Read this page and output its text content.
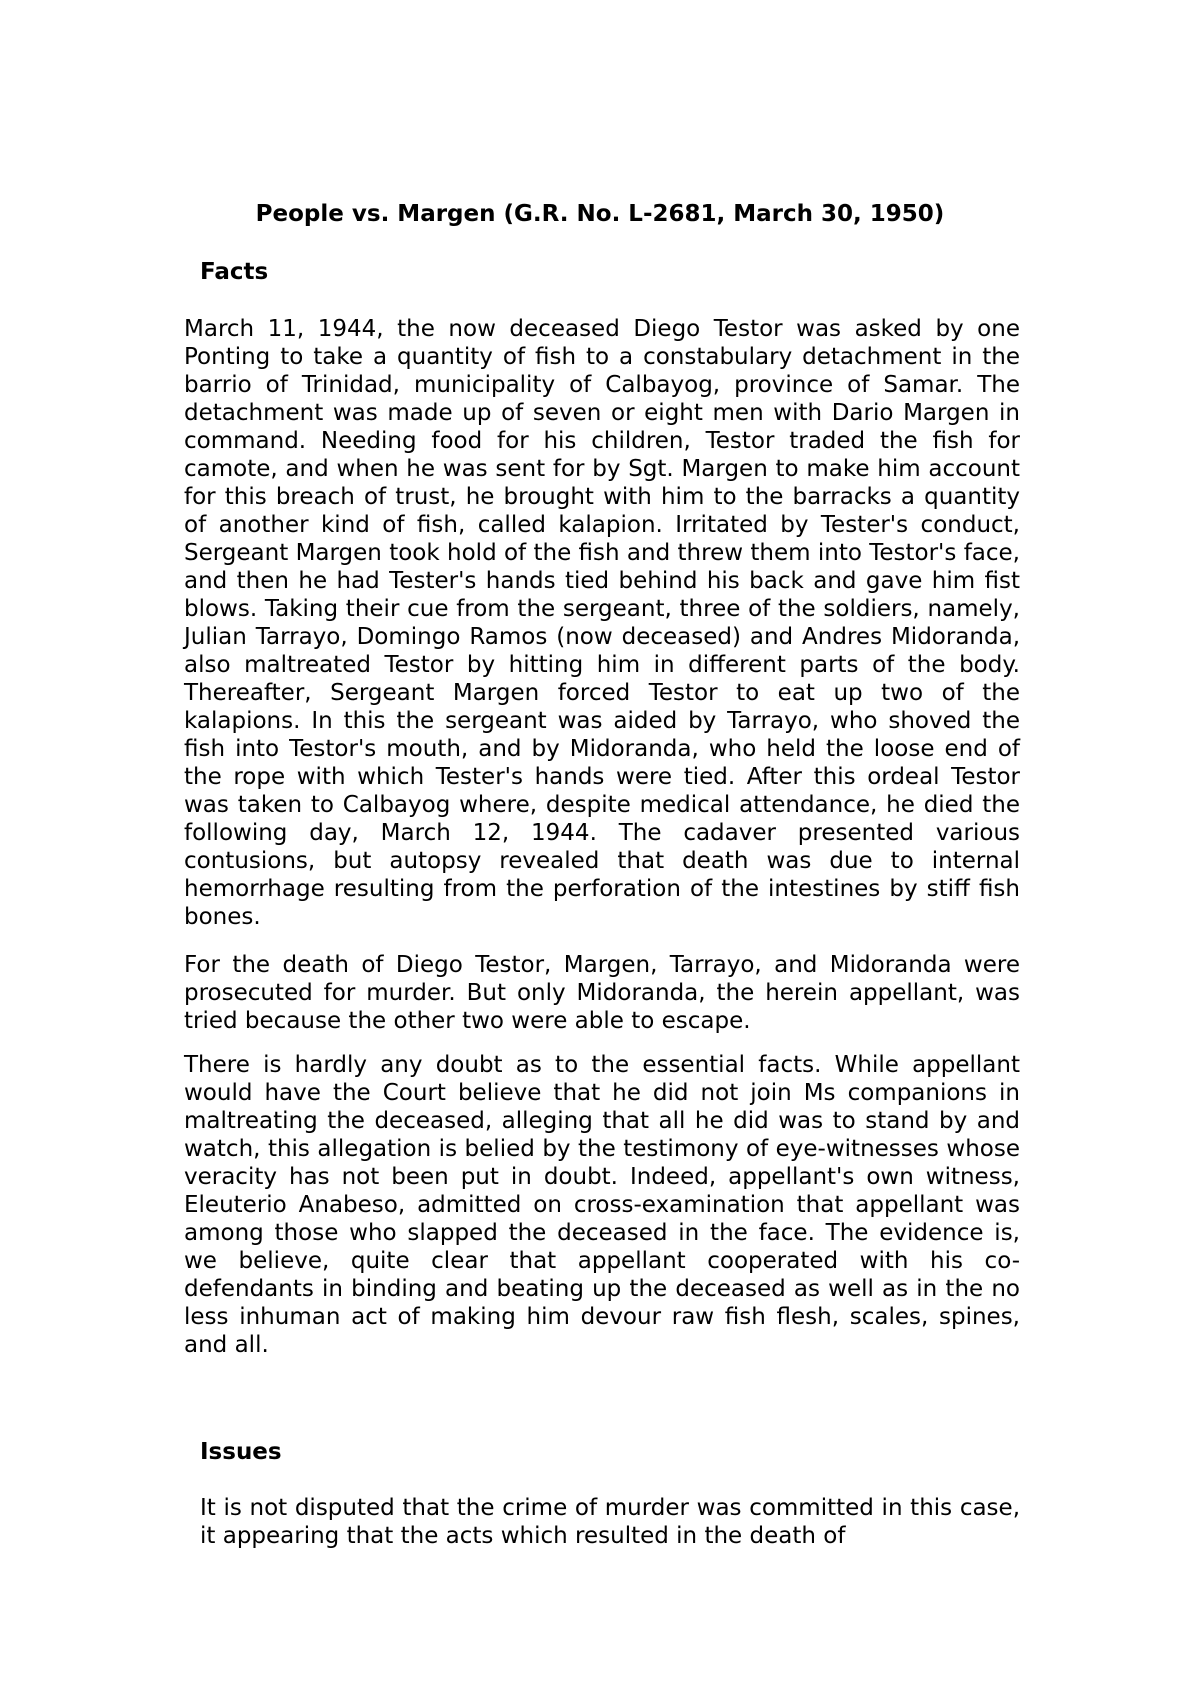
People vs. Margen (G.R. No. L-2681, March 30, 1950)
Facts

March 11, 1944, the now deceased Diego Testor was asked by one Ponting to take a quantity of fish to a constabulary detachment in the barrio of Trinidad, municipality of Calbayog, province of Samar. The detachment was made up of seven or eight men with Dario Margen in command. Needing food for his children, Testor traded the fish for camote, and when he was sent for by Sgt. Margen to make him account for this breach of trust, he brought with him to the barracks a quantity of another kind of fish, called kalapion. Irritated by Tester's conduct, Sergeant Margen took hold of the fish and threw them into Testor's face, and then he had Tester's hands tied behind his back and gave him fist blows. Taking their cue from the sergeant, three of the soldiers, namely, Julian Tarrayo, Domingo Ramos (now deceased) and Andres Midoranda, also maltreated Testor by hitting him in different parts of the body. Thereafter, Sergeant Margen forced Testor to eat up two of the kalapions. In this the sergeant was aided by Tarrayo, who shoved the fish into Testor's mouth, and by Midoranda, who held the loose end of the rope with which Tester's hands were tied. After this ordeal Testor was taken to Calbayog where, despite medical attendance, he died the following day, March 12, 1944. The cadaver presented various contusions, but autopsy revealed that death was due to internal hemorrhage resulting from the perforation of the intestines by stiff fish bones.

For the death of Diego Testor, Margen, Tarrayo, and Midoranda were prosecuted for murder. But only Midoranda, the herein appellant, was tried because the other two were able to escape.

There is hardly any doubt as to the essential facts. While appellant would have the Court believe that he did not join Ms companions in maltreating the deceased, alleging that all he did was to stand by and watch, this allegation is belied by the testimony of eye-witnesses whose veracity has not been put in doubt. Indeed, appellant's own witness, Eleuterio Anabeso, admitted on cross-examination that appellant was among those who slapped the deceased in the face. The evidence is, we believe, quite clear that appellant cooperated with his co-defendants in binding and beating up the deceased as well as in the no less inhuman act of making him devour raw fish flesh, scales, spines, and all.

Issues

It is not disputed that the crime of murder was committed in this case, it appearing that the acts which resulted in the death of
